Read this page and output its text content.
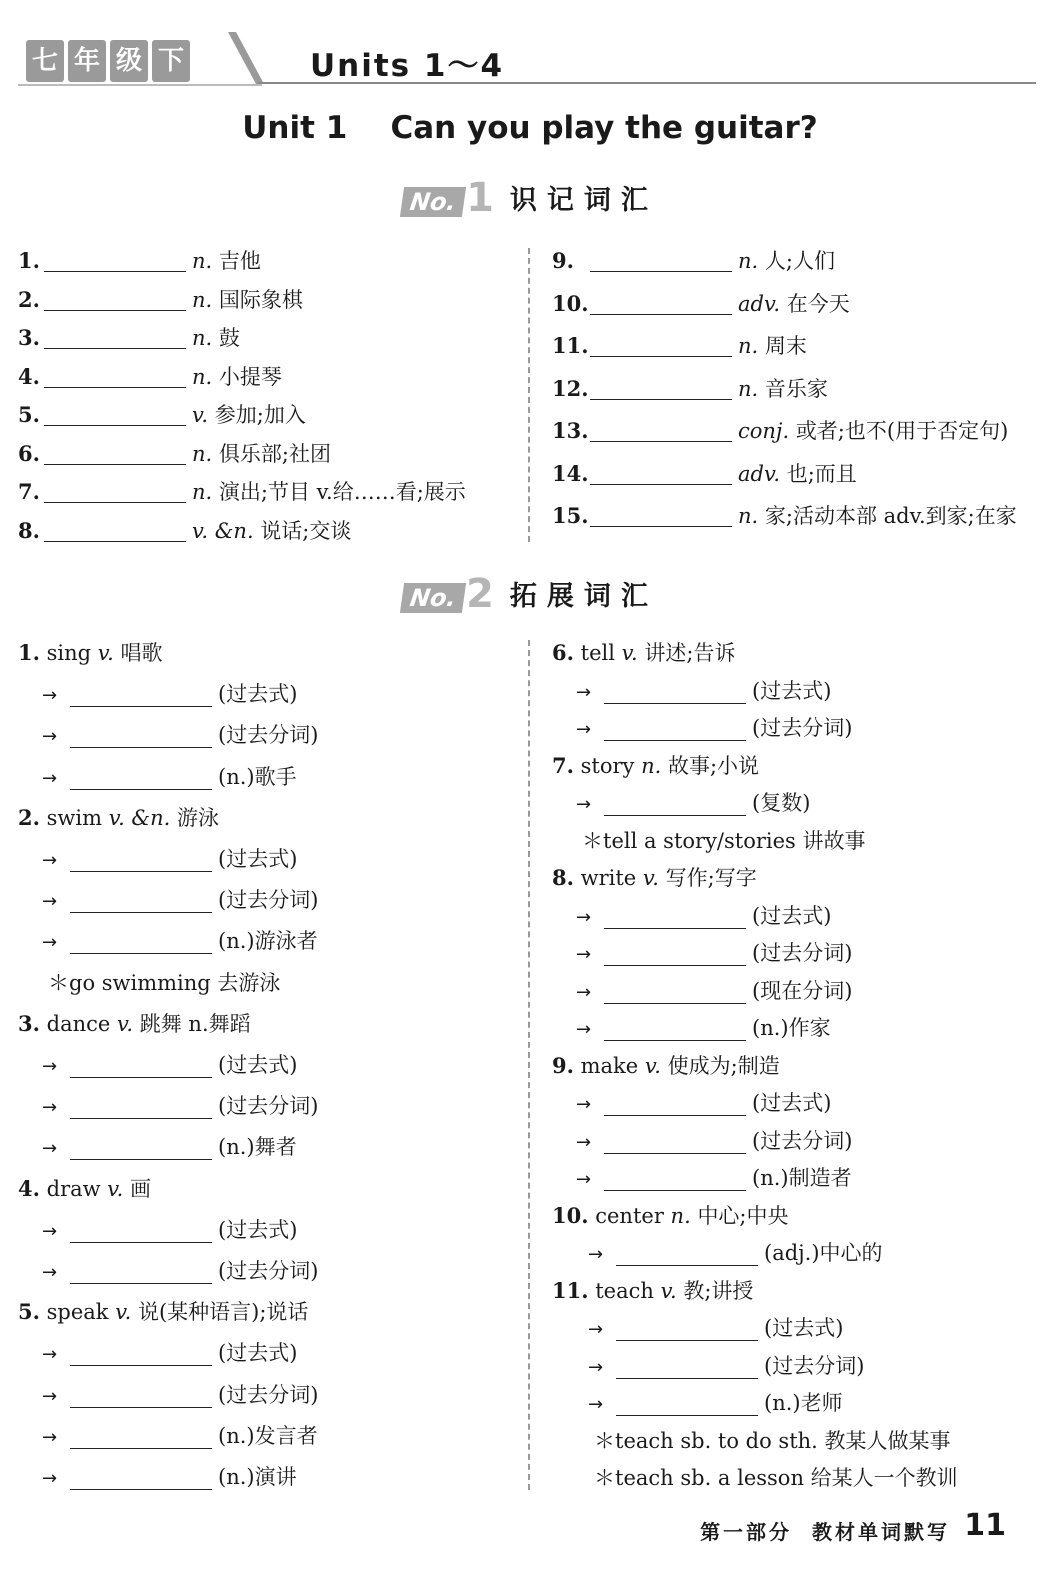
七 年 级 下	Units 1～4
Unit 1    Can you play the guitar?
No. 1 识记词汇
1.	n. 吉他
2.	n. 国际象棋
3.	n. 鼓
4.	n. 小提琴
5.	v. 参加;加入
6.	n. 俱乐部;社团
7.	n. 演出;节目 v.给……看;展示
8.	v. &n. 说话;交谈
9.	n. 人;人们
10.	adv. 在今天
11.	n. 周末
12.	n. 音乐家
13.	conj. 或者;也不(用于否定句)
14.	adv. 也;而且
15.	n. 家;活动本部 adv.到家;在家
No. 2 拓展词汇
1. sing v. 唱歌
→	(过去式)
→	(过去分词)
→	(n.)歌手
2. swim v. &n. 游泳
→	(过去式)
→	(过去分词)
→	(n.)游泳者
＊go swimming 去游泳
3. dance v. 跳舞 n.舞蹈
→	(过去式)
→	(过去分词)
→	(n.)舞者
4. draw v. 画
→	(过去式)
→	(过去分词)
5. speak v. 说(某种语言);说话
→	(过去式)
→	(过去分词)
→	(n.)发言者
→	(n.)演讲
6. tell v. 讲述;告诉
→	(过去式)
→	(过去分词)
7. story n. 故事;小说
→	(复数)
＊tell a story/stories 讲故事
8. write v. 写作;写字
→	(过去式)
→	(过去分词)
→	(现在分词)
→	(n.)作家
9. make v. 使成为;制造
→	(过去式)
→	(过去分词)
→	(n.)制造者
10. center n. 中心;中央
→	(adj.)中心的
11. teach v. 教;讲授
→	(过去式)
→	(过去分词)
→	(n.)老师
＊teach sb. to do sth. 教某人做某事
＊teach sb. a lesson 给某人一个教训
第一部分  教材单词默写 11
